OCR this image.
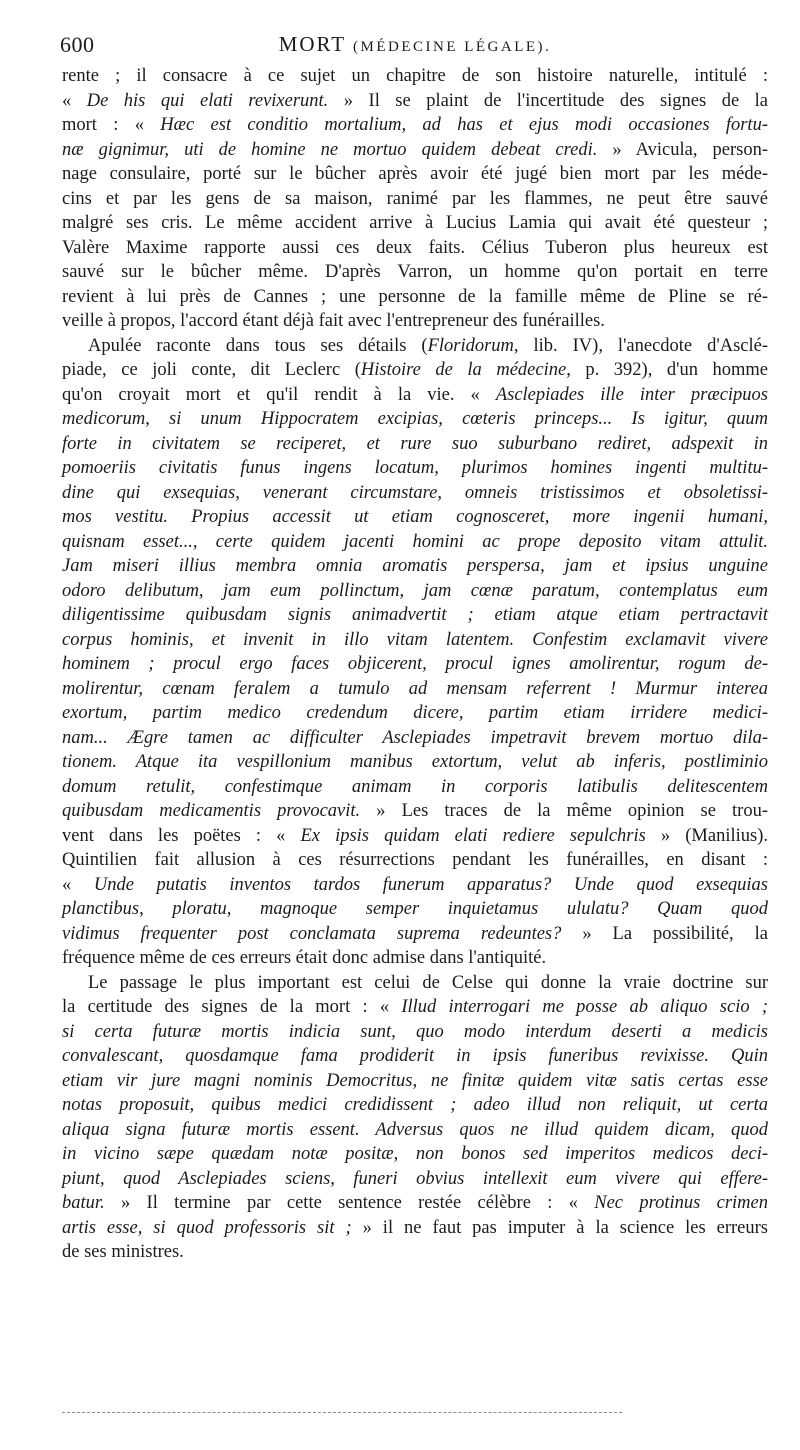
600	MORT (MÉDECINE LÉGALE).
rente ; il consacre à ce sujet un chapitre de son histoire naturelle, intitulé :
« De his qui elati revixerunt. » Il se plaint de l'incertitude des signes de la
mort : « Hæc est conditio mortalium, ad has et ejus modi occasiones fortu-
næ gignimur, uti de homine ne mortuo quidem debeat credi. » Avicula, person-
nage consulaire, porté sur le bûcher après avoir été jugé bien mort par les méde-
cins et par les gens de sa maison, ranimé par les flammes, ne peut être sauvé
malgré ses cris. Le même accident arrive à Lucius Lamia qui avait été questeur ;
Valère Maxime rapporte aussi ces deux faits. Célius Tuberon plus heureux est
sauvé sur le bûcher même. D'après Varron, un homme qu'on portait en terre
revient à lui près de Cannes ; une personne de la famille même de Pline se ré-
veille à propos, l'accord étant déjà fait avec l'entrepreneur des funérailles.
Apulée raconte dans tous ses détails (Floridorum, lib. IV), l'anecdote d'Asclé-
piade, ce joli conte, dit Leclerc (Histoire de la médecine, p. 392), d'un homme
qu'on croyait mort et qu'il rendit à la vie. « Asclepiades ille inter præcipuos
medicorum, si unum Hippocratem excipias, cœteris princeps... Is igitur, quum
forte in civitatem se reciperet, et rure suo suburbano rediret, adspexit in
pomoeriis civitatis funus ingens locatum, plurimos homines ingenti multitu-
dine qui exsequias, venerant circumstare, omneis tristissimos et obsoletissi-
mos vestitu. Propius accessit ut etiam cognosceret, more ingenii humani,
quisnam esset..., certe quidem jacenti homini ac prope deposito vitam attulit.
Jam miseri illius membra omnia aromatis perspersa, jam et ipsius unguine
odoro delibutum, jam eum pollinctum, jam cœnæ paratum, contemplatus eum
diligentissime quibusdam signis animadvertit ; etiam atque etiam pertractavit
corpus hominis, et invenit in illo vitam latentem. Confestim exclamavit vivere
hominem ; procul ergo faces objicerent, procul ignes amolirentur, rogum de-
molirentur, cœnam feralem a tumulo ad mensam referrent ! Murmur interea
exortum, partim medico credendum dicere, partim etiam irridere medici-
nam... Ægre tamen ac difficulter Asclepiades impetravit brevem mortuo dila-
tionem. Atque ita vespillonium manibus extortum, velut ab inferis, postliminio
domum retulit, confestimque animam in corporis latibulis delitescentem
quibusdam medicamentis provocavit. » Les traces de la même opinion se trou-
vent dans les poëtes : « Ex ipsis quidam elati rediere sepulchris » (Manilius).
Quintilien fait allusion à ces résurrections pendant les funérailles, en disant :
« Unde putatis inventos tardos funerum apparatus? Unde quod exsequias
planctibus, ploratu, magnoque semper inquietamus ululatu? Quam quod
vidimus frequenter post conclamata suprema redeuntes? » La possibilité, la
fréquence même de ces erreurs était donc admise dans l'antiquité.
Le passage le plus important est celui de Celse qui donne la vraie doctrine sur
la certitude des signes de la mort : « Illud interrogari me posse ab aliquo scio ;
si certa futuræ mortis indicia sunt, quo modo interdum deserti a medicis
convalescant, quosdamque fama prodiderit in ipsis funeribus revixisse. Quin
etiam vir jure magni nominis Democritus, ne finitæ quidem vitæ satis certas esse
notas proposuit, quibus medici credidissent ; adeo illud non reliquit, ut certa
aliqua signa futuræ mortis essent. Adversus quos ne illud quidem dicam, quod
in vicino sæpe quædam notæ positæ, non bonos sed imperitos medicos deci-
piunt, quod Asclepiades sciens, funeri obvius intellexit eum vivere qui effere-
batur. » Il termine par cette sentence restée célèbre : « Nec protinus crimen
artis esse, si quod professoris sit ; » il ne faut pas imputer à la science les erreurs
de ses ministres.
